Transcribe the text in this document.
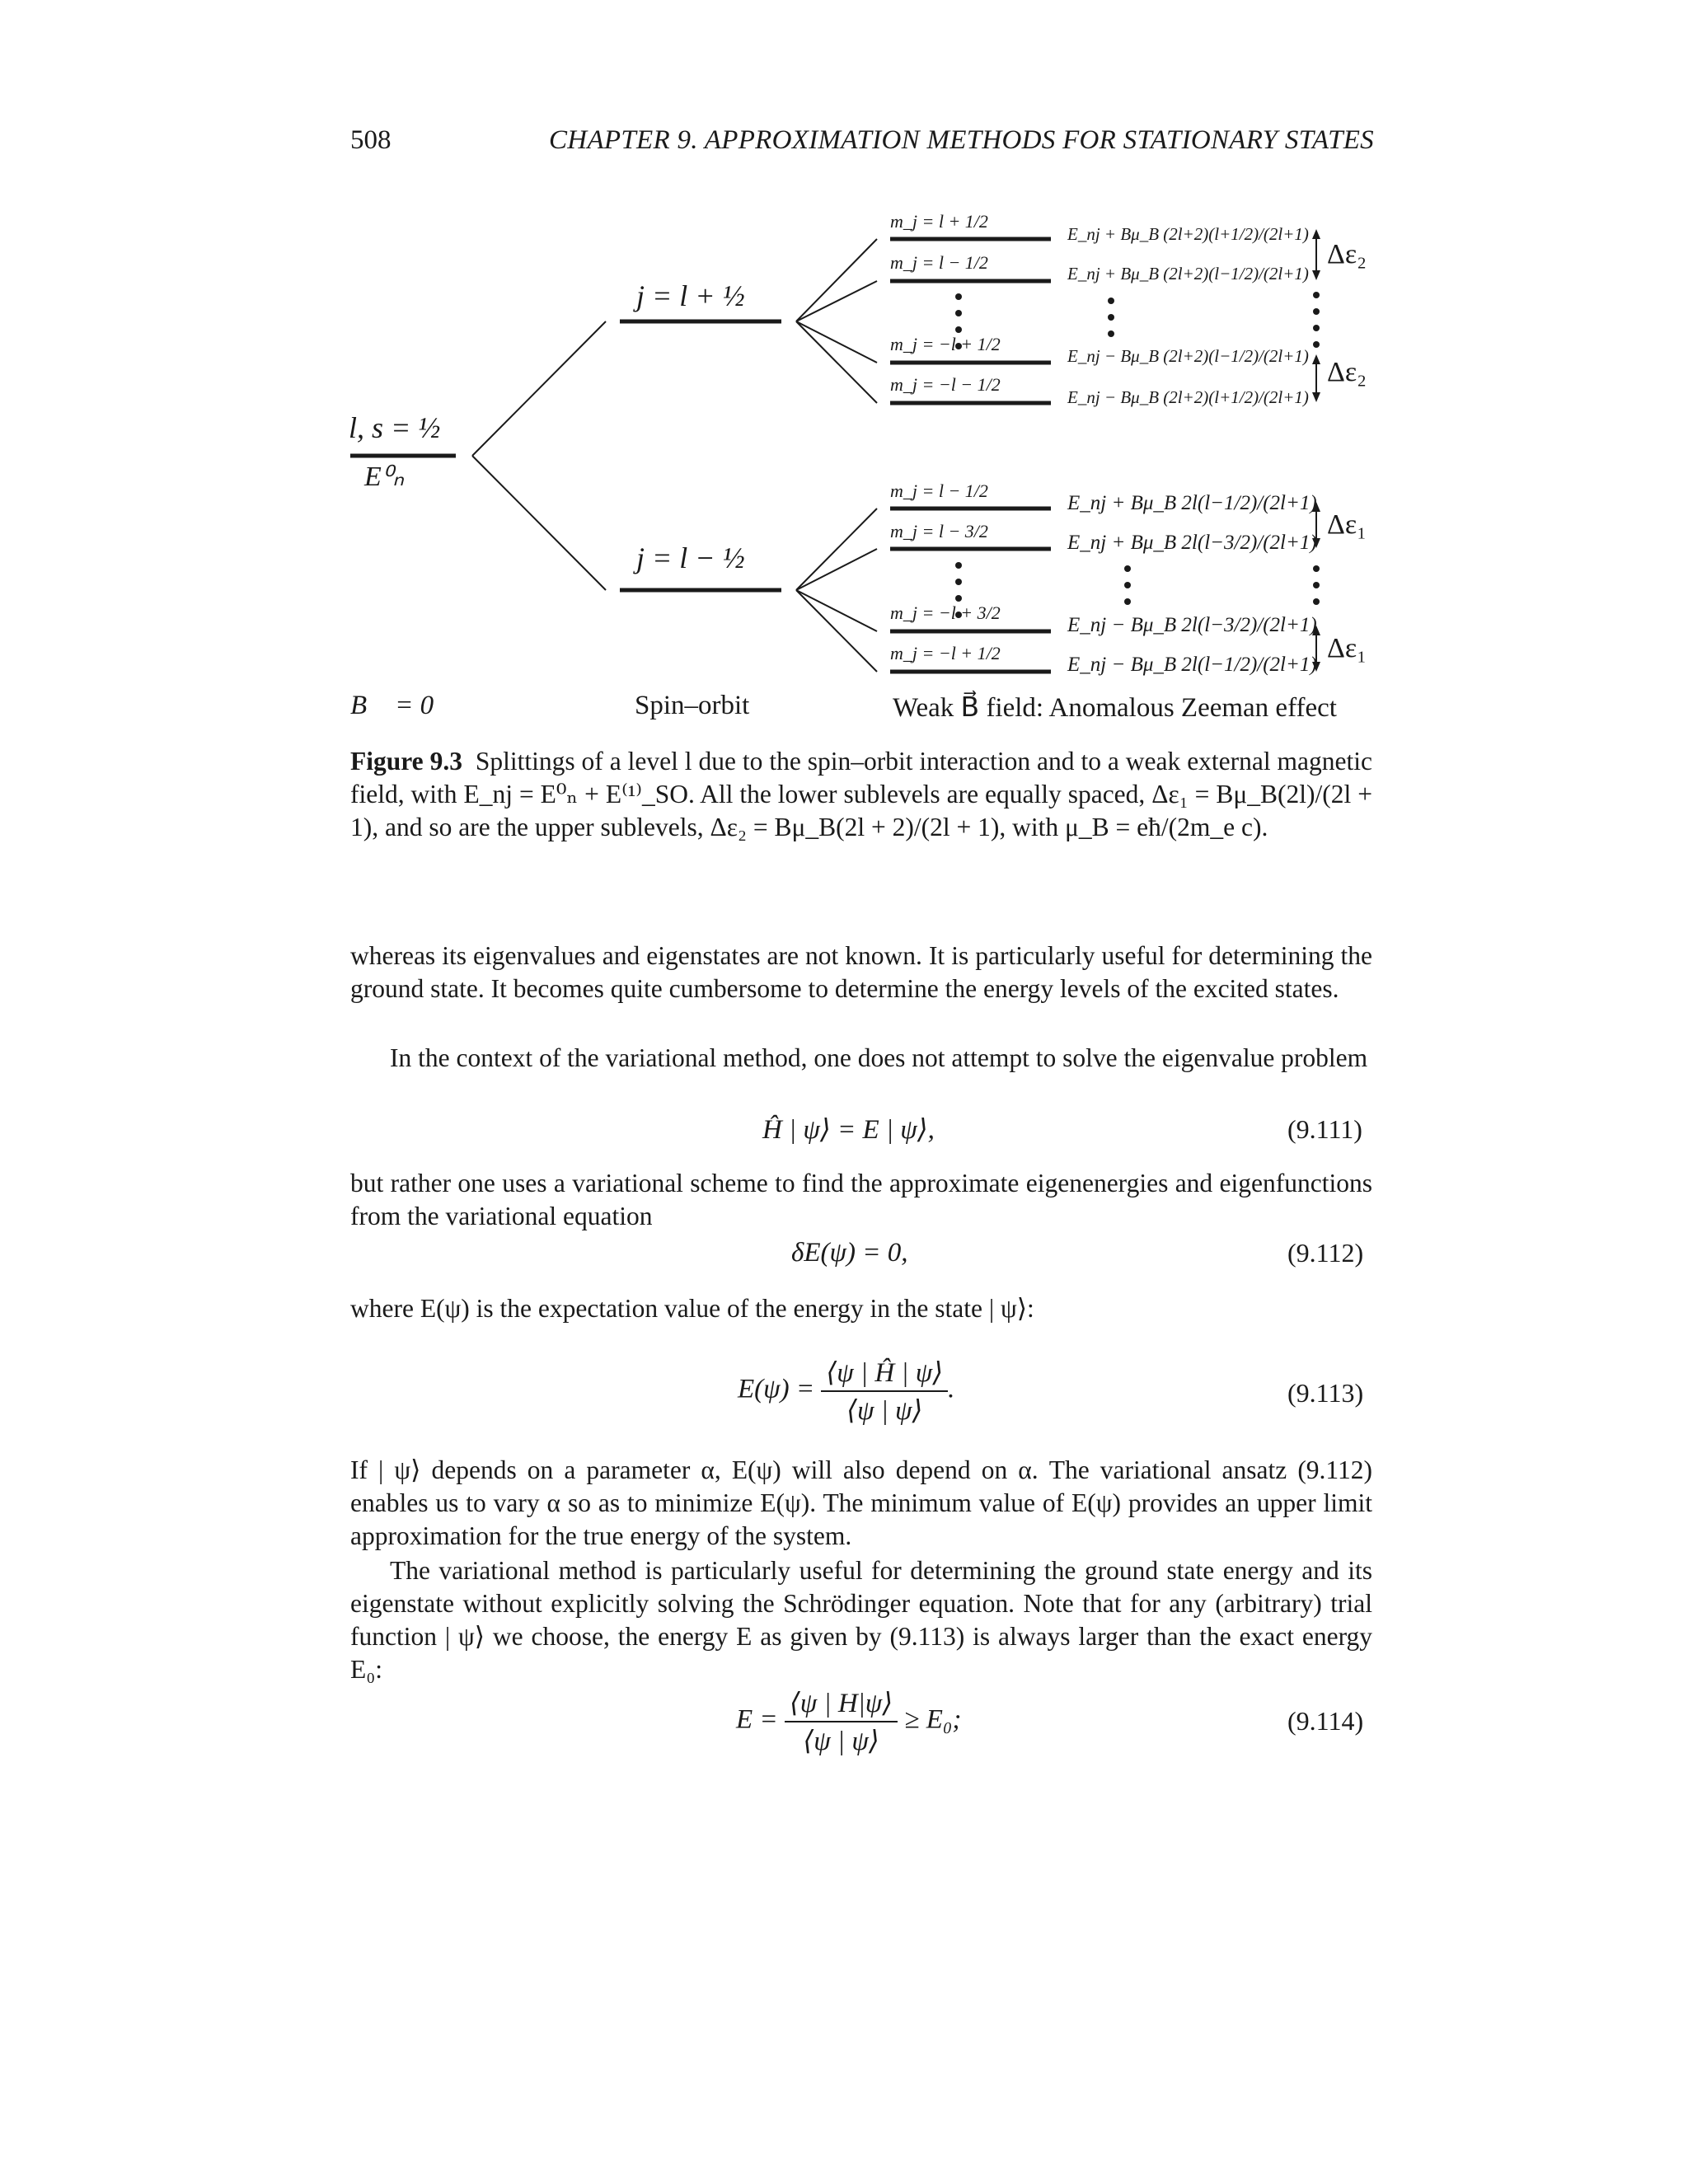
508	CHAPTER 9. APPROXIMATION METHODS FOR STATIONARY STATES
l, s = ½
E⁰ₙ
j = l + ½
j = l − ½
m_j = l + 1/2
m_j = l − 1/2
m_j = −l + 1/2
m_j = −l − 1/2
m_j = l − 1/2
m_j = l − 3/2
m_j = −l + 3/2
m_j = −l + 1/2
E_nj + Bμ_B (2l+2)(l+1/2)/(2l+1)
E_nj + Bμ_B (2l+2)(l−1/2)/(2l+1)
E_nj − Bμ_B (2l+2)(l−1/2)/(2l+1)
E_nj − Bμ_B (2l+2)(l+1/2)/(2l+1)
E_nj + Bμ_B 2l(l−1/2)/(2l+1)
E_nj + Bμ_B 2l(l−3/2)/(2l+1)
E_nj − Bμ_B 2l(l−3/2)/(2l+1)
E_nj − Bμ_B 2l(l−1/2)/(2l+1)
Δε₂
Δε₂
Δε₁
Δε₁
B⃗ = 0	Spin–orbit	Weak B⃗ field: Anomalous Zeeman effect
Figure 9.3 Splittings of a level l due to the spin–orbit interaction and to a weak external magnetic field, with E_nj = E⁰ₙ + E⁽¹⁾_SO. All the lower sublevels are equally spaced, Δε₁ = Bμ_B(2l)/(2l + 1), and so are the upper sublevels, Δε₂ = Bμ_B(2l + 2)/(2l + 1), with μ_B = eħ/(2m_e c).
whereas its eigenvalues and eigenstates are not known. It is particularly useful for determining the ground state. It becomes quite cumbersome to determine the energy levels of the excited states.
In the context of the variational method, one does not attempt to solve the eigenvalue problem
Ĥ | ψ⟩ = E | ψ⟩,	(9.111)
but rather one uses a variational scheme to find the approximate eigenenergies and eigenfunctions from the variational equation
δE(ψ) = 0,	(9.112)
where E(ψ) is the expectation value of the energy in the state | ψ⟩:
$E(\psi) = \frac{⟨\psi | Ĥ | \psi⟩}{⟨\psi | \psi⟩}$ .	(9.113)
If | ψ⟩ depends on a parameter α, E(ψ) will also depend on α. The variational ansatz (9.112) enables us to vary α so as to minimize E(ψ). The minimum value of E(ψ) provides an upper limit approximation for the true energy of the system.
The variational method is particularly useful for determining the ground state energy and its eigenstate without explicitly solving the Schrödinger equation. Note that for any (arbitrary) trial function | ψ⟩ we choose, the energy E as given by (9.113) is always larger than the exact energy E₀:
$E = \frac{⟨\psi | H|\psi⟩}{⟨\psi | \psi⟩} \ge E_0$;	(9.114)
